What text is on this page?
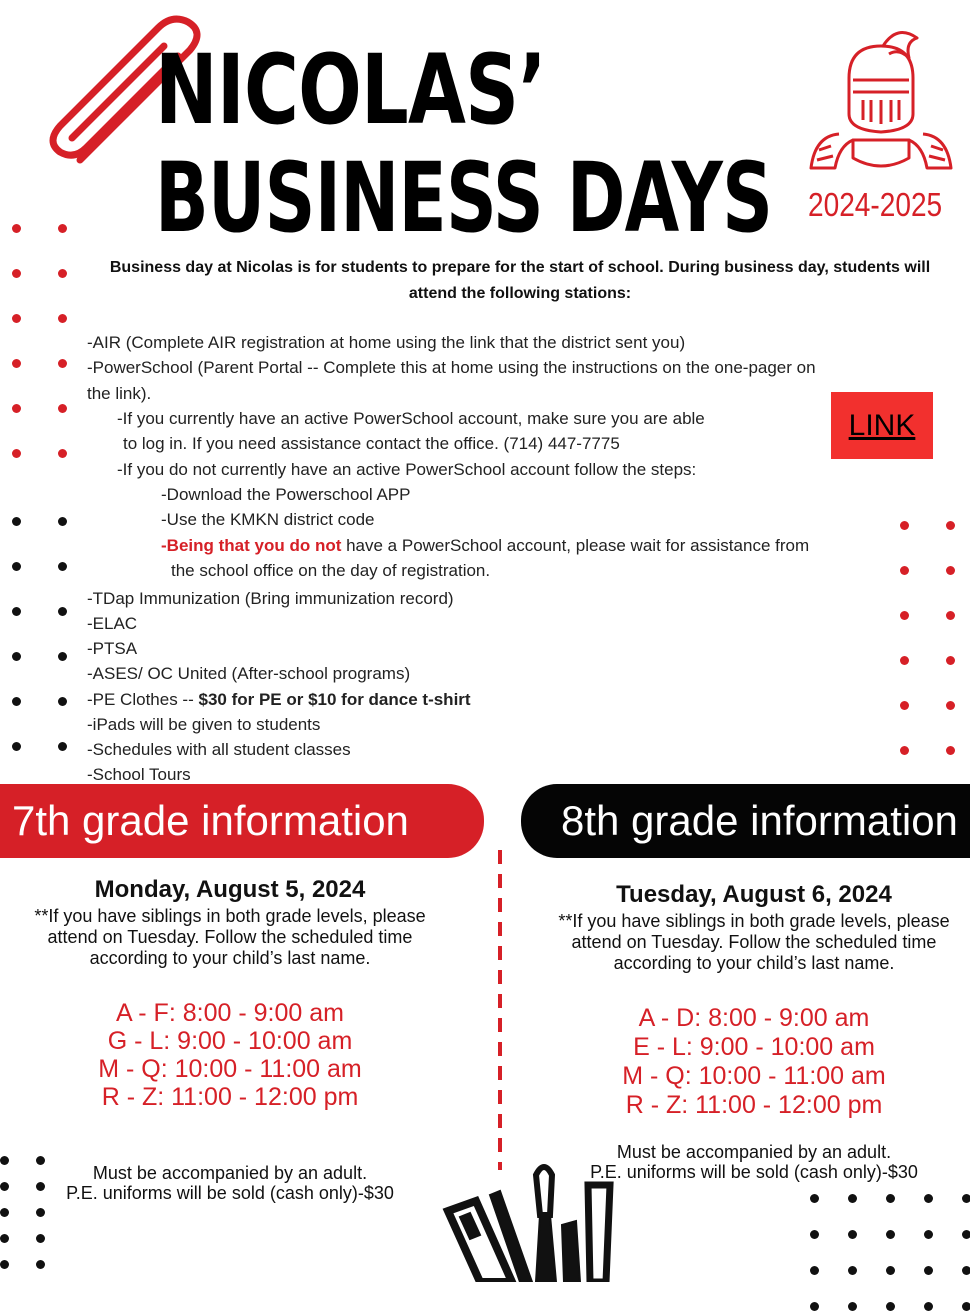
NICOLAS’
BUSINESS DAYS 2024-2025
Business day at Nicolas is for students to prepare for the start of school. During business day, students will attend the following stations:
-AIR (Complete AIR registration at home using the link that the district sent you)
-PowerSchool (Parent Portal -- Complete this at home using the instructions on the one-pager on
the link).
-If you currently have an active PowerSchool account, make sure you are able
to log in. If you need assistance contact the office. (714) 447-7775
-If you do not currently have an active PowerSchool account follow the steps:
-Download the Powerschool APP
-Use the KMKN district code
-Being that you do not have a PowerSchool account, please wait for assistance from
the school office on the day of registration.
-TDap Immunization (Bring immunization record)
-ELAC
-PTSA
-ASES/ OC United (After-school programs)
-PE Clothes -- $30 for PE or $10 for dance t-shirt
-iPads will be given to students
-Schedules with all student classes
-School Tours
LINK
7th grade information	8th grade information
Monday, August 5, 2024
**If you have siblings in both grade levels, please attend on Tuesday. Follow the scheduled time according to your child’s last name.
A - F: 8:00 - 9:00 am
G - L: 9:00 - 10:00 am
M - Q: 10:00 - 11:00 am
R - Z: 11:00 - 12:00 pm
Must be accompanied by an adult.
P.E. uniforms will be sold (cash only)-$30
Tuesday, August 6, 2024
**If you have siblings in both grade levels, please attend on Tuesday. Follow the scheduled time according to your child’s last name.
A - D: 8:00 - 9:00 am
E - L: 9:00 - 10:00 am
M - Q: 10:00 - 11:00 am
R - Z: 11:00 - 12:00 pm
Must be accompanied by an adult.
P.E. uniforms will be sold (cash only)-$30
